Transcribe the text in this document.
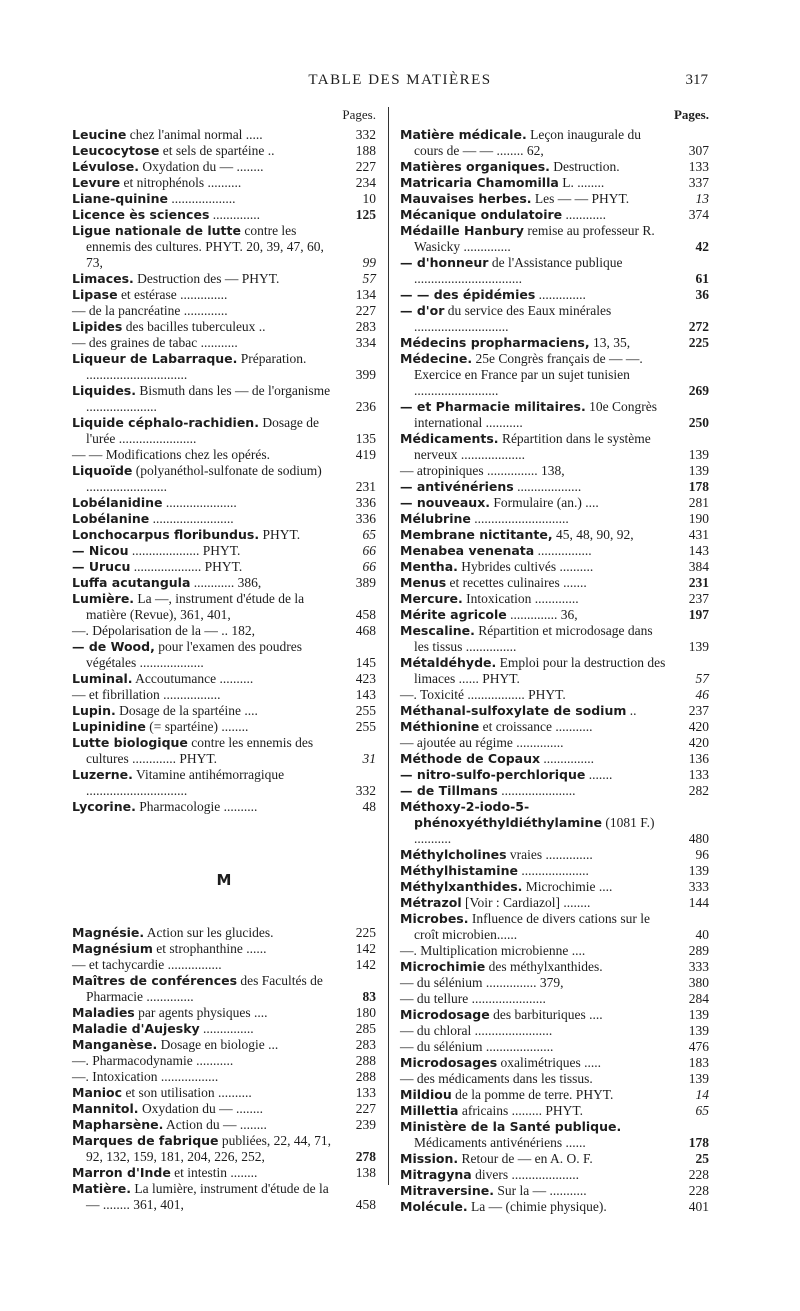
TABLE DES MATIÈRES	317
Pages.
Leucine chez l'animal normal .....	332
Leucocytose et sels de spartéine ..	188
Lévulose. Oxydation du — ........	227
Levure et nitrophénols ..........	234
Liane-quinine ...................	10
Licence ès sciences ..............	125
Ligue nationale de lutte contre les ennemis des cultures. PHYT. 20, 39, 47, 60, 73,	99
Limaces. Destruction des — PHYT.	57
Lipase et estérase ..............	134
— de la pancréatine .............	227
Lipides des bacilles tuberculeux ..	283
— des graines de tabac ...........	334
Liqueur de Labarraque. Préparation. ..............................	399
Liquides. Bismuth dans les — de l'organisme .....................	236
Liquide céphalo-rachidien. Dosage de l'urée .......................	135
— — Modifications chez les opérés.	419
Liquoïde (polyanéthol-sulfonate de sodium) ........................	231
Lobélanidine .....................	336
Lobélanine ........................	336
Lonchocarpus floribundus. PHYT.	65
— Nicou .................... PHYT.	66
— Urucu .................... PHYT.	66
Luffa acutangula ............ 386,	389
Lumière. La —, instrument d'étude de la matière (Revue), 361, 401,	458
—. Dépolarisation de la — .. 182,	468
— de Wood, pour l'examen des poudres végétales ...................	145
Luminal. Accoutumance ..........	423
— et fibrillation .................	143
Lupin. Dosage de la spartéine ....	255
Lupinidine (= spartéine) ........	255
Lutte biologique contre les ennemis des cultures ............. PHYT.	31
Luzerne. Vitamine antihémorragique ..............................	332
Lycorine. Pharmacologie ..........	48
M
Magnésie. Action sur les glucides.	225
Magnésium et strophanthine ......	142
— et tachycardie ................	142
Maîtres de conférences des Facultés de Pharmacie ..............	83
Maladies par agents physiques ....	180
Maladie d'Aujesky ...............	285
Manganèse. Dosage en biologie ...	283
—. Pharmacodynamie ...........	288
—. Intoxication .................	288
Manioc et son utilisation ..........	133
Mannitol. Oxydation du — ........	227
Mapharsène. Action du — ........	239
Marques de fabrique publiées, 22, 44, 71, 92, 132, 159, 181, 204, 226, 252,	278
Marron d'Inde et intestin ........	138
Matière. La lumière, instrument d'étude de la — ........ 361, 401,	458
Pages.
Matière médicale. Leçon inaugurale du cours de — — ........ 62,	307
Matières organiques. Destruction.	133
Matricaria Chamomilla L. ........	337
Mauvaises herbes. Les — — PHYT.	13
Mécanique ondulatoire ............	374
Médaille Hanbury remise au professeur R. Wasicky ..............	42
— d'honneur de l'Assistance publique ................................	61
— — des épidémies ..............	36
— d'or du service des Eaux minérales ............................	272
Médecins propharmaciens, 13, 35,	225
Médecine. 25e Congrès français de — —. Exercice en France par un sujet tunisien .........................	269
— et Pharmacie militaires. 10e Congrès international ...........	250
Médicaments. Répartition dans le système nerveux ...................	139
— atropiniques ............... 138,	139
— antivénériens ...................	178
— nouveaux. Formulaire (an.) ....	281
Mélubrine ............................	190
Membrane nictitante, 45, 48, 90, 92,	431
Menabea venenata ................	143
Mentha. Hybrides cultivés ..........	384
Menus et recettes culinaires .......	231
Mercure. Intoxication .............	237
Mérite agricole .............. 36,	197
Mescaline. Répartition et microdosage dans les tissus ...............	139
Métaldéhyde. Emploi pour la destruction des limaces ...... PHYT.	57
—. Toxicité ................. PHYT.	46
Méthanal-sulfoxylate de sodium ..	237
Méthionine et croissance ...........	420
— ajoutée au régime ..............	420
Méthode de Copaux ...............	136
— nitro-sulfo-perchlorique .......	133
— de Tillmans ......................	282
Méthoxy-2-iodo-5-phénoxyéthyldiéthylamine (1081 F.) ...........	480
Méthylcholines vraies ..............	96
Méthylhistamine ....................	139
Méthylxanthides. Microchimie ....	333
Métrazol [Voir : Cardiazol] ........	144
Microbes. Influence de divers cations sur le croît microbien......	40
—. Multiplication microbienne ....	289
Microchimie des méthylxanthides.	333
— du sélénium ............... 379,	380
— du tellure ......................	284
Microdosage des barbituriques ....	139
— du chloral .......................	139
— du sélénium ....................	476
Microdosages oxalimétriques .....	183
— des médicaments dans les tissus.	139
Mildiou de la pomme de terre. PHYT.	14
Millettia africains ......... PHYT.	65
Ministère de la Santé publique. Médicaments antivénériens ......	178
Mission. Retour de — en A. O. F.	25
Mitragyna divers ....................	228
Mitraversine. Sur la — ...........	228
Molécule. La — (chimie physique).	401
